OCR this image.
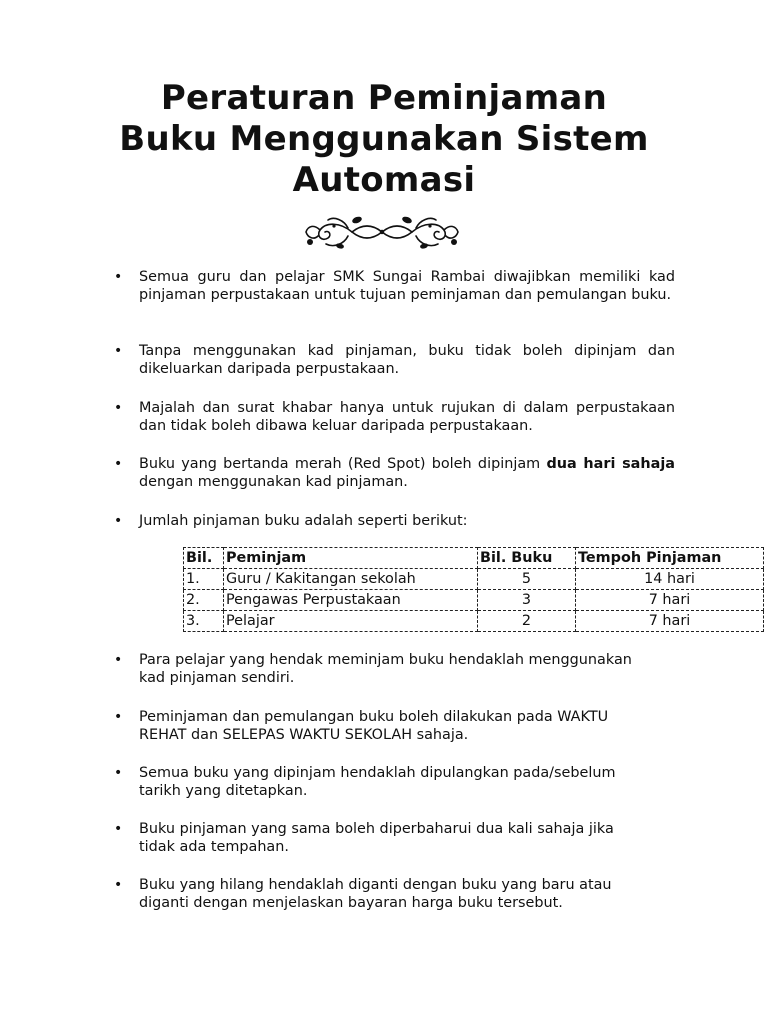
Peraturan Peminjaman
Buku Menggunakan Sistem
Automasi
• Semua guru dan pelajar SMK Sungai Rambai diwajibkan memiliki kad pinjaman perpustakaan untuk tujuan peminjaman dan pemulangan buku.
• Tanpa menggunakan kad pinjaman, buku tidak boleh dipinjam dan dikeluarkan daripada perpustakaan.
• Majalah dan surat khabar hanya untuk rujukan di dalam perpustakaan dan tidak boleh dibawa keluar daripada perpustakaan.
• Buku yang bertanda merah (Red Spot) boleh dipinjam dua hari sahaja dengan menggunakan kad pinjaman.
• Jumlah pinjaman buku adalah seperti berikut:
• Para pelajar yang hendak meminjam buku hendaklah menggunakan kad pinjaman sendiri.
• Peminjaman dan pemulangan buku boleh dilakukan pada WAKTU REHAT dan SELEPAS WAKTU SEKOLAH sahaja.
• Semua buku yang dipinjam hendaklah dipulangkan pada/sebelum tarikh yang ditetapkan.
• Buku pinjaman yang sama boleh diperbaharui dua kali sahaja jika tidak ada tempahan.
• Buku yang hilang hendaklah diganti dengan buku yang baru atau diganti dengan menjelaskan bayaran harga buku tersebut.
Bil.	Peminjam	Bil. Buku	Tempoh Pinjaman
1.	Guru / Kakitangan sekolah	5	14 hari
2.	Pengawas Perpustakaan	3	7 hari
3.	Pelajar	2	7 hari
